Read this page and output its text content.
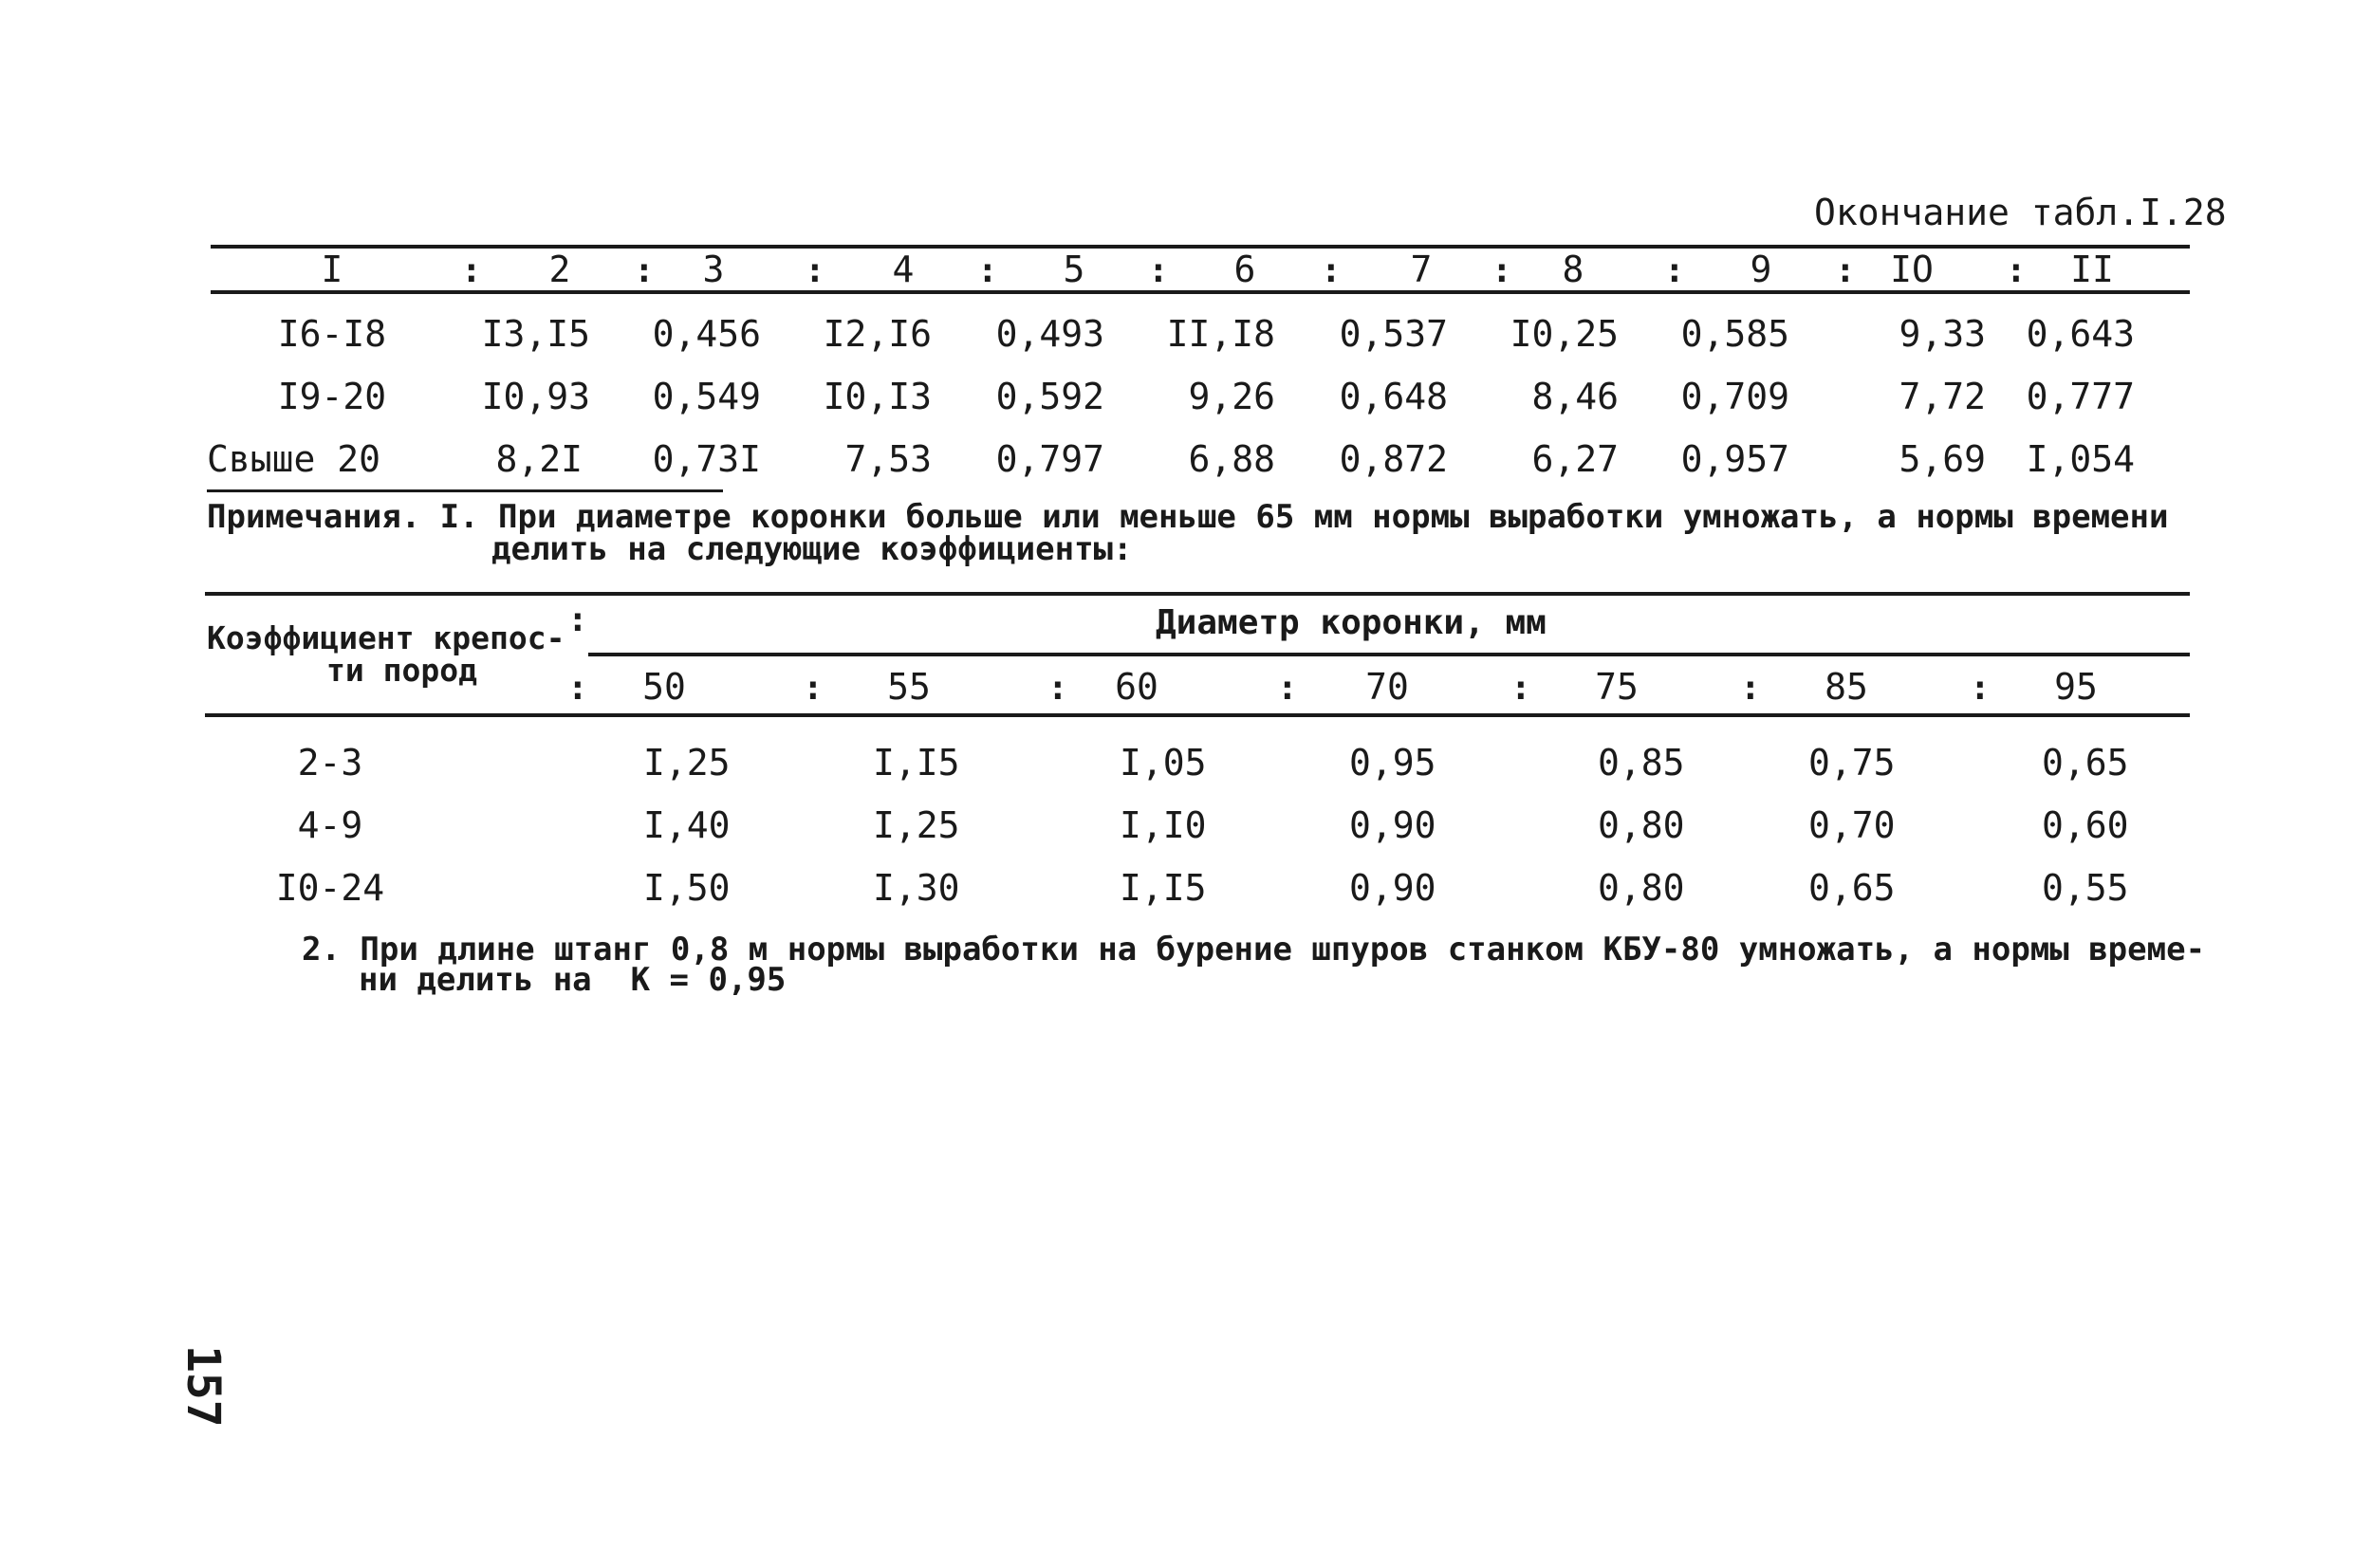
Окончание табл.I.28
I	2	3	4	5	6	7	8	9	IO	II
:	:	:	:	:	:	:	:	:	:
I6-I8	I3,I5	0,456	I2,I6	0,493	II,I8	0,537	I0,25	0,585	9,33	0,643
I9-20	I0,93	0,549	I0,I3	0,592	9,26	0,648	8,46	0,709	7,72	0,777
Свыше 20	8,2I	0,73I	7,53	0,797	6,88	0,872	6,27	0,957	5,69	I,054
Примечания. I. При диаметре коронки больше или меньше 65 мм нормы выработки умножать, а нормы времени
делить на следующие коэффициенты:
Коэффициент крепос- :
ти пород	:
Диаметр коронки, мм
50	55	60	70	75	85	95
:	:	:	:	:	:
2-3	I,25	I,I5	I,05	0,95	0,85	0,75	0,65
4-9	I,40	I,25	I,I0	0,90	0,80	0,70	0,60
I0-24	I,50	I,30	I,I5	0,90	0,80	0,65	0,55
2. При длине штанг 0,8 м нормы выработки на бурение шпуров станком КБУ-80 умножать, а нормы време-
ни делить на  К = 0,95
157
